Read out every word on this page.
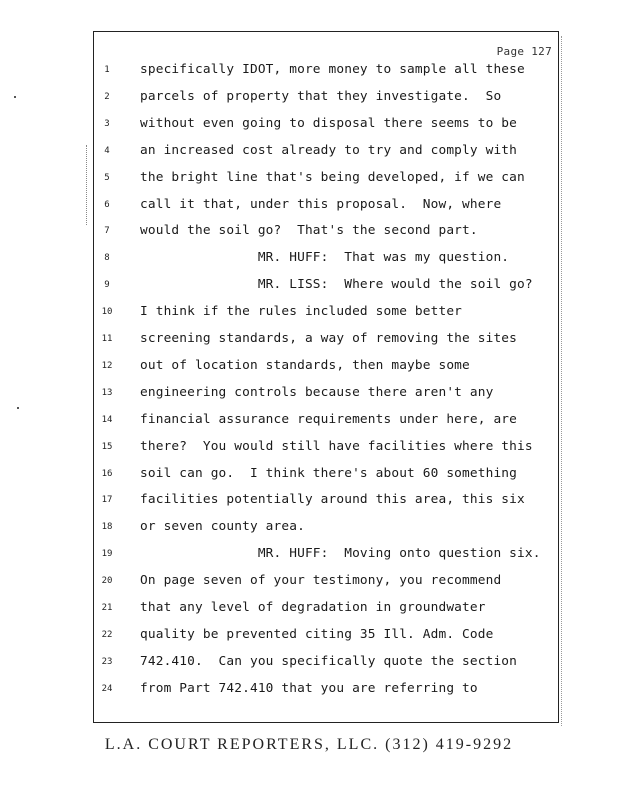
Page 127
1	specifically IDOT, more money to sample all these
2	parcels of property that they investigate.  So
3	without even going to disposal there seems to be
4	an increased cost already to try and comply with
5	the bright line that's being developed, if we can
6	call it that, under this proposal.  Now, where
7	would the soil go?  That's the second part.
8	MR. HUFF:  That was my question.
9	MR. LISS:  Where would the soil go?
10	I think if the rules included some better
11	screening standards, a way of removing the sites
12	out of location standards, then maybe some
13	engineering controls because there aren't any
14	financial assurance requirements under here, are
15	there?  You would still have facilities where this
16	soil can go.  I think there's about 60 something
17	facilities potentially around this area, this six
18	or seven county area.
19	MR. HUFF:  Moving onto question six.
20	On page seven of your testimony, you recommend
21	that any level of degradation in groundwater
22	quality be prevented citing 35 Ill. Adm. Code
23	742.410.  Can you specifically quote the section
24	from Part 742.410 that you are referring to
L.A. COURT REPORTERS, LLC. (312) 419-9292
